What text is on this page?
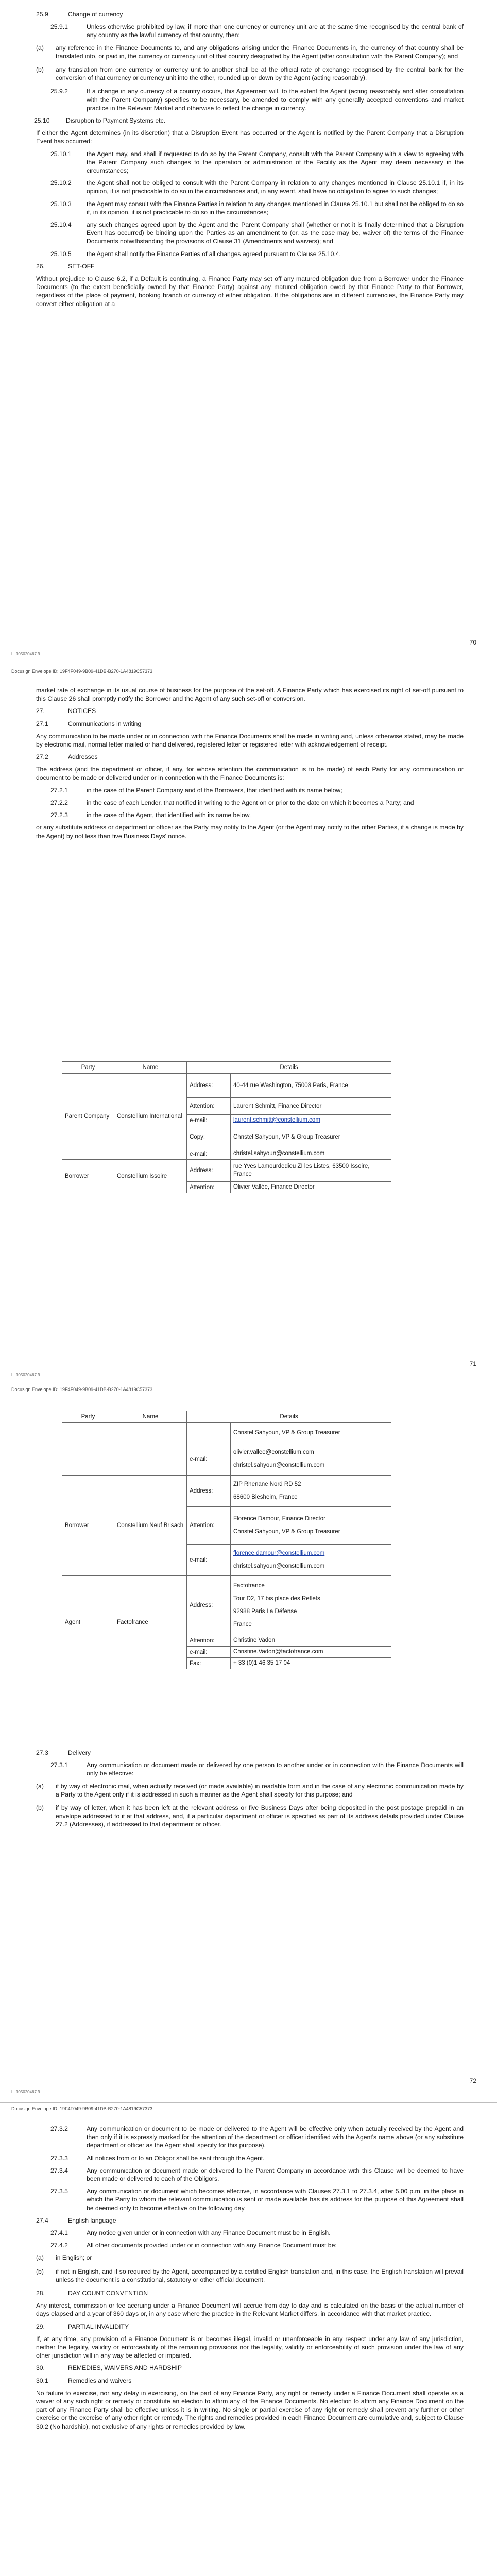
25.9	Change of currency
25.9.1	Unless otherwise prohibited by law, if more than one currency or currency unit are at the same time recognised by the central bank of any country as the lawful currency of that country, then:
(a)	any reference in the Finance Documents to, and any obligations arising under the Finance Documents in, the currency of that country shall be translated into, or paid in, the currency or currency unit of that country designated by the Agent (after consultation with the Parent Company); and
(b)	any translation from one currency or currency unit to another shall be at the official rate of exchange recognised by the central bank for the conversion of that currency or currency unit into the other, rounded up or down by the Agent (acting reasonably).
25.9.2	If a change in any currency of a country occurs, this Agreement will, to the extent the Agent (acting reasonably and after consultation with the Parent Company) specifies to be necessary, be amended to comply with any generally accepted conventions and market practice in the Relevant Market and otherwise to reflect the change in currency.
25.10	Disruption to Payment Systems etc.
If either the Agent determines (in its discretion) that a Disruption Event has occurred or the Agent is notified by the Parent Company that a Disruption Event has occurred:
25.10.1	the Agent may, and shall if requested to do so by the Parent Company, consult with the Parent Company with a view to agreeing with the Parent Company such changes to the operation or administration of the Facility as the Agent may deem necessary in the circumstances;
25.10.2	the Agent shall not be obliged to consult with the Parent Company in relation to any changes mentioned in Clause 25.10.1 if, in its opinion, it is not practicable to do so in the circumstances and, in any event, shall have no obligation to agree to such changes;
25.10.3	the Agent may consult with the Finance Parties in relation to any changes mentioned in Clause 25.10.1 but shall not be obliged to do so if, in its opinion, it is not practicable to do so in the circumstances;
25.10.4	any such changes agreed upon by the Agent and the Parent Company shall (whether or not it is finally determined that a Disruption Event has occurred) be binding upon the Parties as an amendment to (or, as the case may be, waiver of) the terms of the Finance Documents notwithstanding the provisions of Clause 31 (Amendments and waivers); and
25.10.5	the Agent shall notify the Finance Parties of all changes agreed pursuant to Clause 25.10.4.
26.	SET-OFF
Without prejudice to Clause 6.2, if a Default is continuing, a Finance Party may set off any matured obligation due from a Borrower under the Finance Documents (to the extent beneficially owned by that Finance Party) against any matured obligation owed by that Finance Party to that Borrower, regardless of the place of payment, booking branch or currency of either obligation. If the obligations are in different currencies, the Finance Party may convert either obligation at a
70
L_105020467.9
Docusign Envelope ID: 19F4F049-9B09-41DB-B270-1A4819C57373
market rate of exchange in its usual course of business for the purpose of the set-off. A Finance Party which has exercised its right of set-off pursuant to this Clause 26 shall promptly notify the Borrower and the Agent of any such set-off or conversion.
27.	NOTICES
27.1	Communications in writing
Any communication to be made under or in connection with the Finance Documents shall be made in writing and, unless otherwise stated, may be made by electronic mail, normal letter mailed or hand delivered, registered letter or registered letter with acknowledgement of receipt.
27.2	Addresses
The address (and the department or officer, if any, for whose attention the communication is to be made) of each Party for any communication or document to be made or delivered under or in connection with the Finance Documents is:
27.2.1	in the case of the Parent Company and of the Borrowers, that identified with its name below;
27.2.2	in the case of each Lender, that notified in writing to the Agent on or prior to the date on which it becomes a Party; and
27.2.3	in the case of the Agent, that identified with its name below,
or any substitute address or department or officer as the Party may notify to the Agent (or the Agent may notify to the other Parties, if a change is made by the Agent) by not less than five Business Days' notice.
Party	Name	Details	
Parent Company	Constellium International	Address:	40-44 rue Washington, 75008 Paris, France
		Attention:	Laurent Schmitt, Finance Director
		e-mail:	laurent.schmitt@constellium.com
		Copy:	Christel Sahyoun, VP & Group Treasurer
		e-mail:	christel.sahyoun@constellium.com
Borrower	Constellium Issoire	Address:	rue Yves Lamourdedieu ZI les Listes, 63500 Issoire, France
		Attention:	Olivier Vallée, Finance Director
71
L_105020467.9
Docusign Envelope ID: 19F4F049-9B09-41DB-B270-1A4819C57373
Party	Name	Details	
			Christel Sahyoun, VP & Group Treasurer
		e-mail:	olivier.vallee@constellium.com
christel.sahyoun@constellium.com

Borrower	Constellium Neuf Brisach	Address:	ZIP Rhenane Nord RD 52
68600 Biesheim, France

		Attention:	Florence Damour, Finance Director
Christel Sahyoun, VP & Group Treasurer

		e-mail:	florence.damour@constellium.com
christel.sahyoun@constellium.com

Agent	Factofrance	Address:	Factofrance
Tour D2, 17 bis place des Reflets
92988 Paris La Défense
France

		Attention:	Christine Vadon
		e-mail:	Christine.Vadon@factofrance.com
		Fax:	+ 33 (0)1 46 35 17 04
27.3	Delivery
27.3.1	Any communication or document made or delivered by one person to another under or in connection with the Finance Documents will only be effective:
(a)	if by way of electronic mail, when actually received (or made available) in readable form and in the case of any electronic communication made by a Party to the Agent only if it is addressed in such a manner as the Agent shall specify for this purpose; and
(b)	if by way of letter, when it has been left at the relevant address or five Business Days after being deposited in the post postage prepaid in an envelope addressed to it at that address, and, if a particular department or officer is specified as part of its address details provided under Clause 27.2 (Addresses), if addressed to that department or officer.
72
L_105020467.9
Docusign Envelope ID: 19F4F049-9B09-41DB-B270-1A4819C57373
27.3.2	Any communication or document to be made or delivered to the Agent will be effective only when actually received by the Agent and then only if it is expressly marked for the attention of the department or officer identified with the Agent's name above (or any substitute department or officer as the Agent shall specify for this purpose).
27.3.3	All notices from or to an Obligor shall be sent through the Agent.
27.3.4	Any communication or document made or delivered to the Parent Company in accordance with this Clause will be deemed to have been made or delivered to each of the Obligors.
27.3.5	Any communication or document which becomes effective, in accordance with Clauses 27.3.1 to 27.3.4, after 5.00 p.m. in the place in which the Party to whom the relevant communication is sent or made available has its address for the purpose of this Agreement shall be deemed only to become effective on the following day.
27.4	English language
27.4.1	Any notice given under or in connection with any Finance Document must be in English.
27.4.2	All other documents provided under or in connection with any Finance Document must be:
(a)	in English; or
(b)	if not in English, and if so required by the Agent, accompanied by a certified English translation and, in this case, the English translation will prevail unless the document is a constitutional, statutory or other official document.
28.	DAY COUNT CONVENTION
Any interest, commission or fee accruing under a Finance Document will accrue from day to day and is calculated on the basis of the actual number of days elapsed and a year of 360 days or, in any case where the practice in the Relevant Market differs, in accordance with that market practice.
29.	PARTIAL INVALIDITY
If, at any time, any provision of a Finance Document is or becomes illegal, invalid or unenforceable in any respect under any law of any jurisdiction, neither the legality, validity or enforceability of the remaining provisions nor the legality, validity or enforceability of such provision under the law of any other jurisdiction will in any way be affected or impaired.
30.	REMEDIES, WAIVERS AND HARDSHIP
30.1	Remedies and waivers
No failure to exercise, nor any delay in exercising, on the part of any Finance Party, any right or remedy under a Finance Document shall operate as a waiver of any such right or remedy or constitute an election to affirm any of the Finance Documents. No election to affirm any Finance Document on the part of any Finance Party shall be effective unless it is in writing. No single or partial exercise of any right or remedy shall prevent any further or other exercise or the exercise of any other right or remedy. The rights and remedies provided in each Finance Document are cumulative and, subject to Clause 30.2 (No hardship), not exclusive of any rights or remedies provided by law.
